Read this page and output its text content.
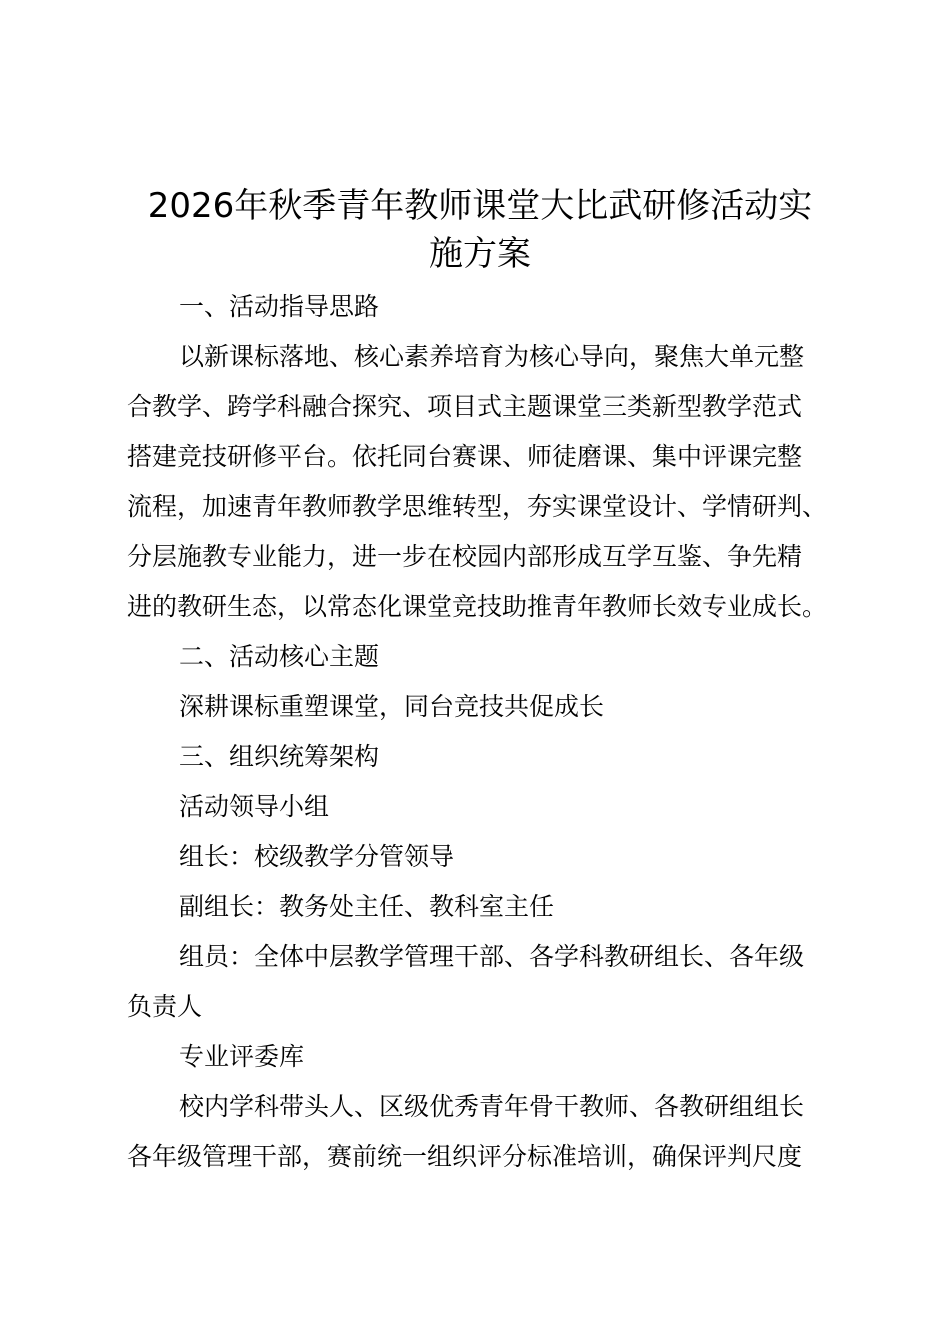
2026年秋季青年教师课堂大比武研修活动实
施方案
一、活动指导思路
以新课标落地、核心素养培育为核心导向，聚焦大单元整
合教学、跨学科融合探究、项目式主题课堂三类新型教学范式
搭建竞技研修平台。依托同台赛课、师徒磨课、集中评课完整
流程，加速青年教师教学思维转型，夯实课堂设计、学情研判、
分层施教专业能力，进一步在校园内部形成互学互鉴、争先精
进的教研生态，以常态化课堂竞技助推青年教师长效专业成长。
二、活动核心主题
深耕课标重塑课堂，同台竞技共促成长
三、组织统筹架构
活动领导小组
组长：校级教学分管领导
副组长：教务处主任、教科室主任
组员：全体中层教学管理干部、各学科教研组长、各年级
负责人
专业评委库
校内学科带头人、区级优秀青年骨干教师、各教研组组长
各年级管理干部，赛前统一组织评分标准培训，确保评判尺度
